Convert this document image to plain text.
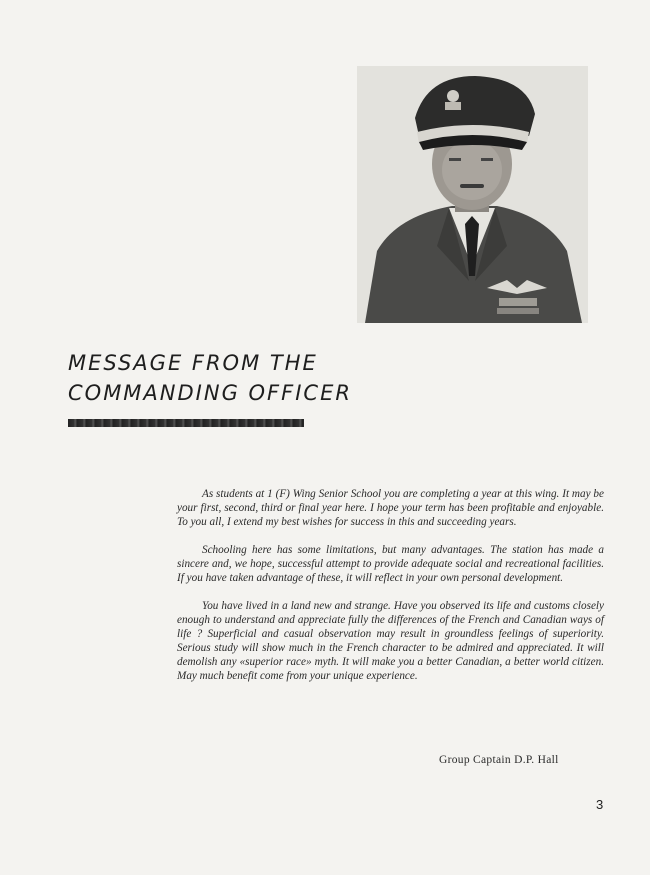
MESSAGE FROM THE
COMMANDING OFFICER

As students at 1 (F) Wing Senior School you are completing a year at this wing. It may be your first, second, third or final year here. I hope your term has been profitable and enjoyable. To you all, I extend my best wishes for success in this and succeeding years.

Schooling here has some limitations, but many advantages. The station has made a sincere and, we hope, successful attempt to provide adequate social and recreational facilities. If you have taken advantage of these, it will reflect in your own personal development.

You have lived in a land new and strange. Have you observed its life and customs closely enough to understand and appreciate fully the differences of the French and Canadian ways of life ? Superficial and casual observation may result in groundless feelings of superiority. Serious study will show much in the French character to be admired and appreciated. It will demolish any «superior race» myth. It will make you a better Canadian, a better world citizen. May much benefit come from your unique experience.

Group Captain D.P. Hall
3
